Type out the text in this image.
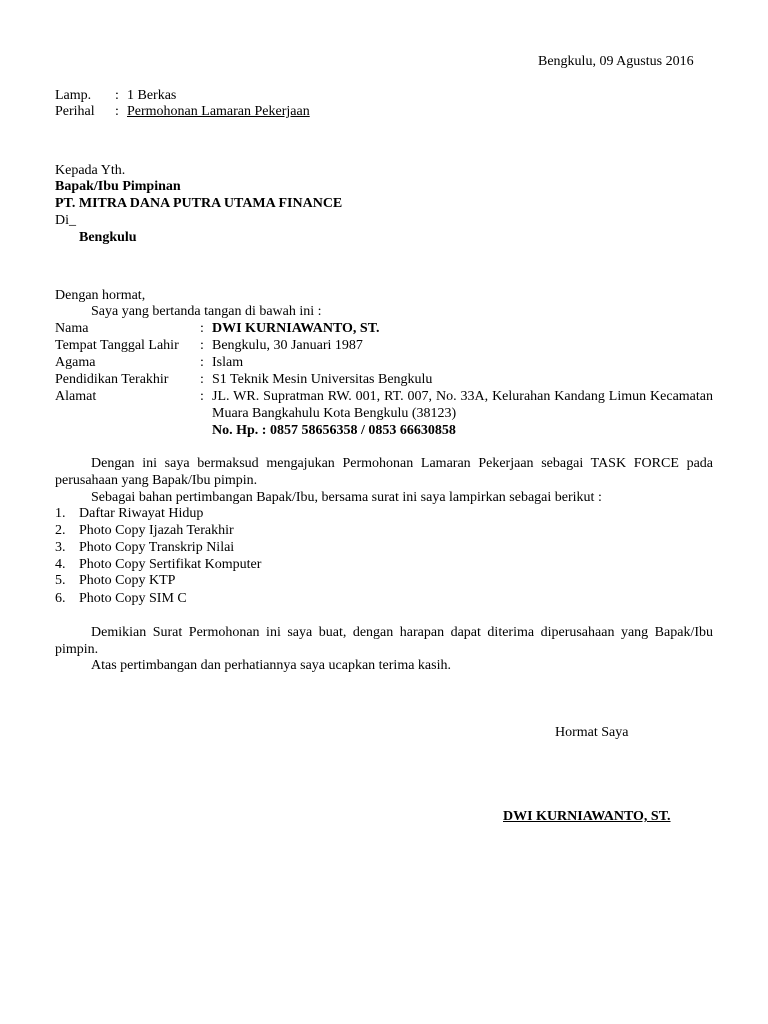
Bengkulu, 09 Agustus 2016
Lamp. : 1 Berkas
Perihal : Permohonan Lamaran Pekerjaan
Kepada Yth.
Bapak/Ibu Pimpinan
PT. MITRA DANA PUTRA UTAMA FINANCE
Di_
Bengkulu
Dengan hormat,
Saya yang bertanda tangan di bawah ini :
Nama	: DWI KURNIAWANTO, ST.
Tempat Tanggal Lahir : Bengkulu, 30 Januari 1987
Agama	: Islam
Pendidikan Terakhir : S1 Teknik Mesin Universitas Bengkulu
Alamat	: JL. WR. Supratman RW. 001, RT. 007, No. 33A, Kelurahan Kandang Limun Kecamatan Muara Bangkahulu Kota Bengkulu (38123)
No. Hp. : 0857 58656358 / 0853 66630858
Dengan ini saya bermaksud mengajukan Permohonan Lamaran Pekerjaan sebagai TASK FORCE pada perusahaan yang Bapak/Ibu pimpin.
Sebagai bahan pertimbangan Bapak/Ibu, bersama surat ini saya lampirkan sebagai berikut :
1. Daftar Riwayat Hidup
2. Photo Copy Ijazah Terakhir
3. Photo Copy Transkrip Nilai
4. Photo Copy Sertifikat Komputer
5. Photo Copy KTP
6. Photo Copy SIM C
Demikian Surat Permohonan ini saya buat, dengan harapan dapat diterima diperusahaan yang Bapak/Ibu pimpin.
Atas pertimbangan dan perhatiannya saya ucapkan terima kasih.
Hormat Saya
DWI KURNIAWANTO, ST.
